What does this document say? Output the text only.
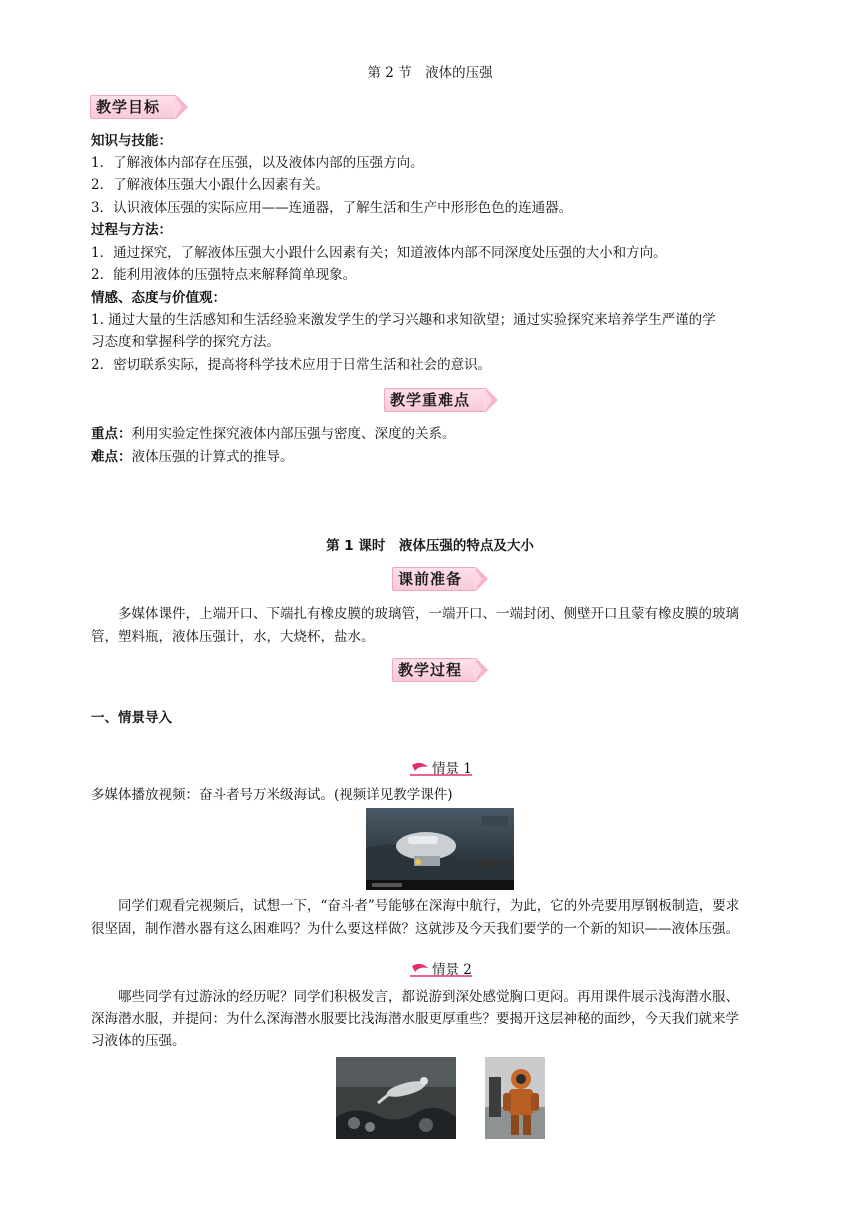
第 2 节　液体的压强
教学目标
知识与技能：
1．了解液体内部存在压强，以及液体内部的压强方向。
2．了解液体压强大小跟什么因素有关。
3．认识液体压强的实际应用——连通器，了解生活和生产中形形色色的连通器。
过程与方法：
1．通过探究，了解液体压强大小跟什么因素有关；知道液体内部不同深度处压强的大小和方向。
2．能利用液体的压强特点来解释简单现象。
情感、态度与价值观：
1. 通过大量的生活感知和生活经验来激发学生的学习兴趣和求知欲望；通过实验探究来培养学生严谨的学
习态度和掌握科学的探究方法。
2．密切联系实际，提高将科学技术应用于日常生活和社会的意识。
教学重难点
重点：利用实验定性探究液体内部压强与密度、深度的关系。
难点：液体压强的计算式的推导。
第 1 课时　液体压强的特点及大小
课前准备
多媒体课件，上端开口、下端扎有橡皮膜的玻璃管，一端开口、一端封闭、侧壁开口且蒙有橡皮膜的玻璃
管，塑料瓶，液体压强计，水，大烧杯，盐水。
教学过程
一、情景导入
情景 1
多媒体播放视频：奋斗者号万米级海试。(视频详见教学课件)
同学们观看完视频后，试想一下，“奋斗者”号能够在深海中航行，为此，它的外壳要用厚钢板制造，要求
很坚固，制作潜水器有这么困难吗？为什么要这样做？这就涉及今天我们要学的一个新的知识——液体压强。
情景 2
哪些同学有过游泳的经历呢？同学们积极发言，都说游到深处感觉胸口更闷。再用课件展示浅海潜水服、
深海潜水服，并提问：为什么深海潜水服要比浅海潜水服更厚重些？要揭开这层神秘的面纱，今天我们就来学
习液体的压强。
